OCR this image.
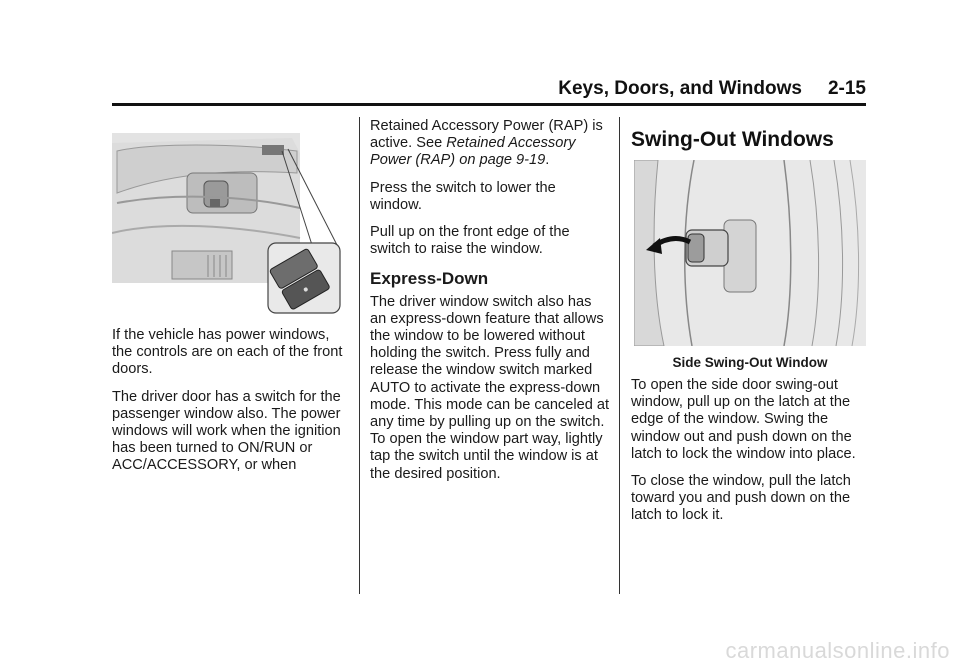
Keys, Doors, and Windows 2-15

If the vehicle has power windows, the controls are on each of the front doors.

The driver door has a switch for the passenger window also. The power windows will work when the ignition has been turned to ON/RUN or ACC/ACCESSORY, or when

Retained Accessory Power (RAP) is active. See Retained Accessory Power (RAP) on page 9-19.

Press the switch to lower the window.

Pull up on the front edge of the switch to raise the window.

Express-Down

The driver window switch also has an express-down feature that allows the window to be lowered without holding the switch. Press fully and release the window switch marked AUTO to activate the express-down mode. This mode can be canceled at any time by pulling up on the switch. To open the window part way, lightly tap the switch until the window is at the desired position.

Swing-Out Windows
Side Swing-Out Window

To open the side door swing-out window, pull up on the latch at the edge of the window. Swing the window out and push down on the latch to lock the window into place.

To close the window, pull the latch toward you and push down on the latch to lock it.

carmanualsonline.info
